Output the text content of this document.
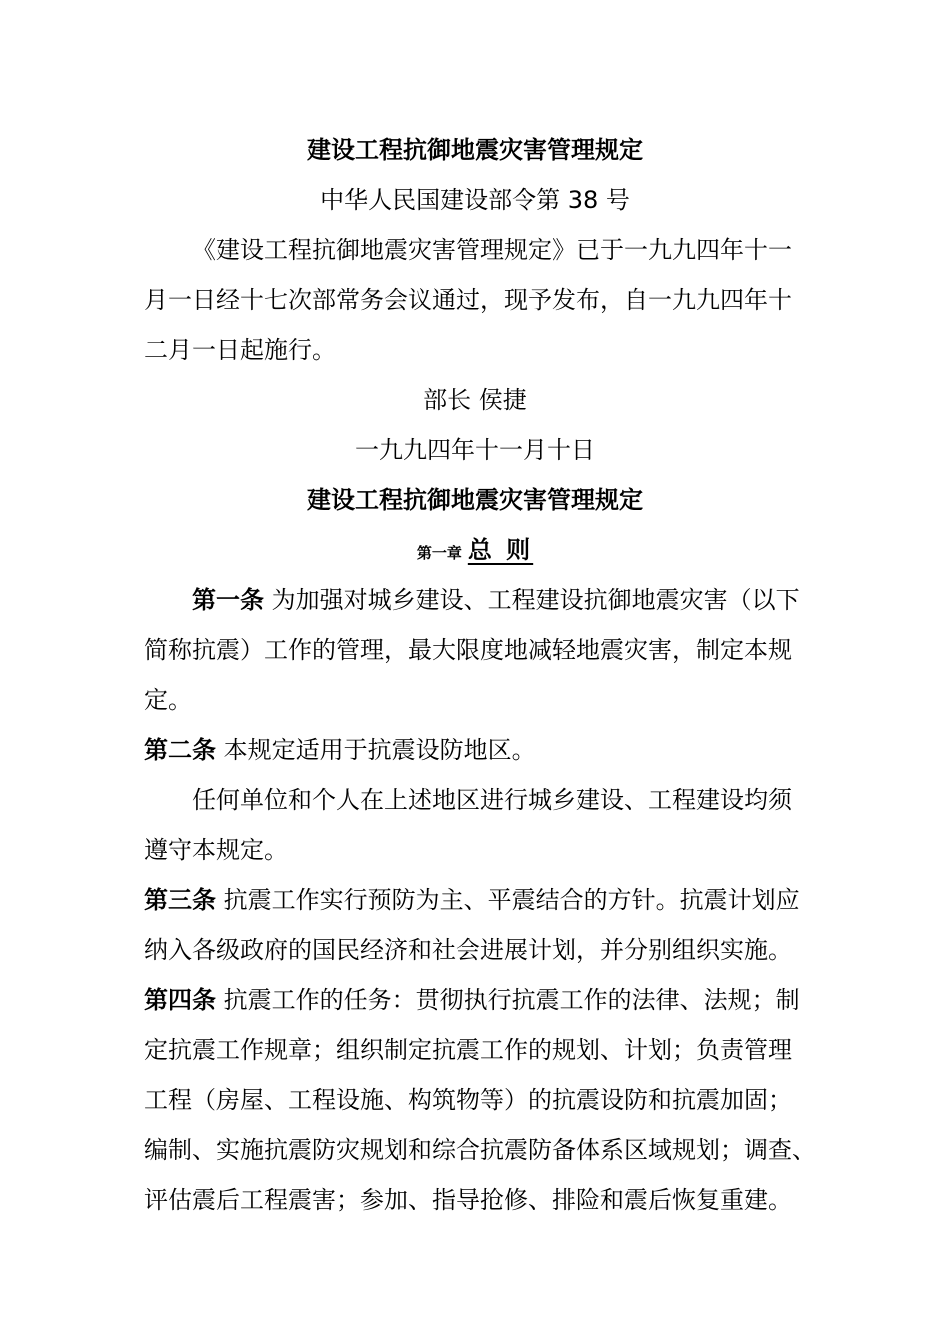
建设工程抗御地震灾害管理规定
中华人民国建设部令第 38 号
《建设工程抗御地震灾害管理规定》已于一九九四年十一
月一日经十七次部常务会议通过，现予发布，自一九九四年十
二月一日起施行。
部长 侯捷
一九九四年十一月十日
建设工程抗御地震灾害管理规定
第一章 总 则
第一条 为加强对城乡建设、工程建设抗御地震灾害（以下
简称抗震）工作的管理，最大限度地减轻地震灾害，制定本规
定。
第二条 本规定适用于抗震设防地区。
任何单位和个人在上述地区进行城乡建设、工程建设均须
遵守本规定。
第三条 抗震工作实行预防为主、平震结合的方针。抗震计划应
纳入各级政府的国民经济和社会进展计划，并分别组织实施。
第四条 抗震工作的任务：贯彻执行抗震工作的法律、法规；制
定抗震工作规章；组织制定抗震工作的规划、计划；负责管理
工程（房屋、工程设施、构筑物等）的抗震设防和抗震加固；
编制、实施抗震防灾规划和综合抗震防备体系区域规划；调查、
评估震后工程震害；参加、指导抢修、排险和震后恢复重建。
